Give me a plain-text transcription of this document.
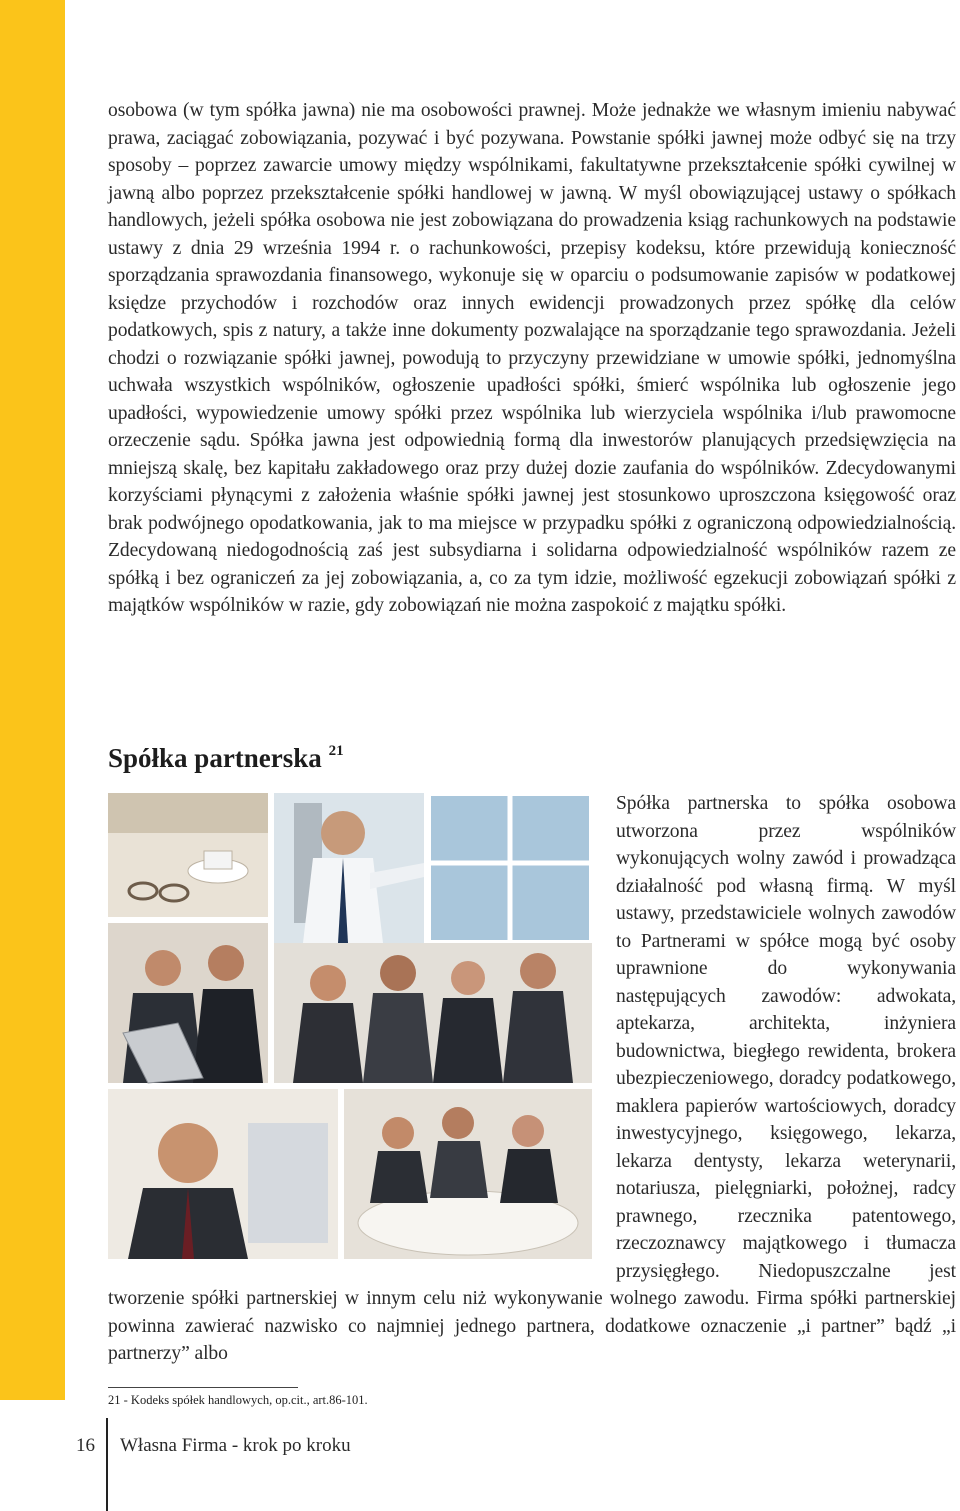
osobowa (w tym spółka jawna) nie ma osobowości prawnej. Może jednakże we własnym imieniu nabywać prawa, zaciągać zobowiązania, pozywać i być pozywana. Powstanie spółki jawnej może odbyć się na trzy sposoby – poprzez zawarcie umowy między wspólnikami, fakultatywne przekształcenie spółki cywilnej w jawną albo poprzez przekształcenie spółki handlowej w jawną. W myśl obowiązującej ustawy o spółkach handlowych, jeżeli spółka osobowa nie jest zobowiązana do prowadzenia ksiąg rachunkowych na podstawie ustawy z dnia 29 września 1994 r. o rachunkowości, przepisy kodeksu, które przewidują konieczność sporządzania sprawozdania finansowego, wykonuje się w oparciu o podsumowanie zapisów w podatkowej księdze przychodów i rozchodów oraz innych ewidencji prowadzonych przez spółkę dla celów podatkowych, spis z natury, a także inne dokumenty pozwalające na sporządzanie tego sprawozdania. Jeżeli chodzi o rozwiązanie spółki jawnej, powodują to przyczyny przewidziane w umowie spółki, jednomyślna uchwała wszystkich wspólników, ogłoszenie upadłości spółki, śmierć wspólnika lub ogłoszenie jego upadłości, wypowiedzenie umowy spółki przez wspólnika lub wierzyciela wspólnika i/lub prawomocne orzeczenie sądu. Spółka jawna jest odpowiednią formą dla inwestorów planujących przedsięwzięcia na mniejszą skalę, bez kapitału zakładowego oraz przy dużej dozie zaufania do wspólników. Zdecydowanymi korzyściami płynącymi z założenia właśnie spółki jawnej jest stosunkowo uproszczona księgowość oraz brak podwójnego opodatkowania, jak to ma miejsce w przypadku spółki z ograniczoną odpowiedzialnością. Zdecydowaną niedogodnością zaś jest subsydiarna i solidarna odpowiedzialność wspólników razem ze spółką i bez ograniczeń za jej zobowiązania, a, co za tym idzie, możliwość egzekucji zobowiązań spółki z majątków wspólników w razie, gdy zobowiązań nie można zaspokoić z majątku spółki.

Spółka partnerska $^{21}$
Spółka partnerska to spółka osobowa utworzona przez wspólników wykonujących wolny zawód i prowadząca działalność pod własną firmą. W myśl ustawy, przedstawiciele wolnych zawodów to Partnerami w spółce mogą być osoby uprawnione do wykonywania następujących zawodów: adwokata, aptekarza, architekta, inżyniera budownictwa, biegłego rewidenta, brokera ubezpieczeniowego, doradcy podatkowego, maklera papierów wartościowych, doradcy inwestycyjnego, księgowego, lekarza, lekarza dentysty, lekarza weterynarii, notariusza, pielęgniarki, położnej, radcy prawnego, rzecznika patentowego, rzeczoznawcy majątkowego i tłumacza przysięgłego. Niedopuszczalne jest tworzenie spółki partnerskiej w innym celu niż wykonywanie wolnego zawodu. Firma spółki partnerskiej powinna zawierać nazwisko co najmniej jednego partnera, dodatkowe oznaczenie „i partner” bądź „i partnerzy” albo
21 - Kodeks spółek handlowych, op.cit., art.86-101.
16 Własna Firma - krok po kroku
